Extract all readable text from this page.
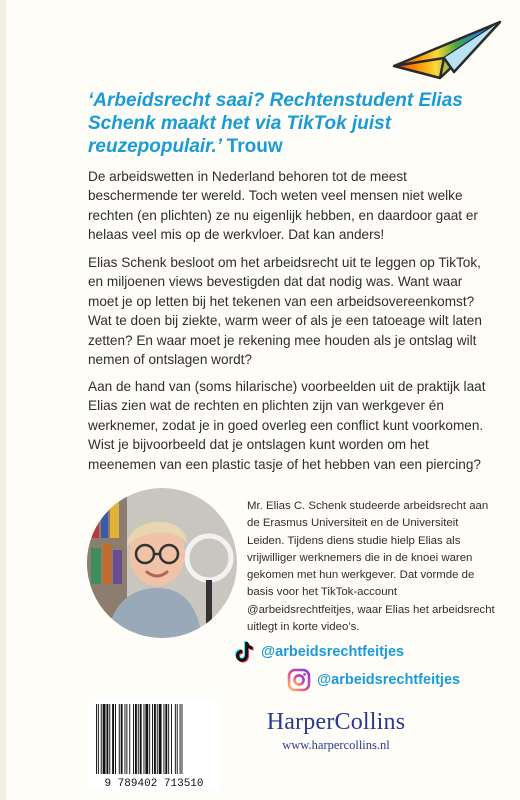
‘Arbeidsrecht saai? Rechtenstudent Elias Schenk maakt het via TikTok juist reuzepopulair.’ Trouw

De arbeidswetten in Nederland behoren tot de meest beschermende ter wereld. Toch weten veel mensen niet welke rechten (en plichten) ze nu eigenlijk hebben, en daardoor gaat er helaas veel mis op de werkvloer. Dat kan anders!

Elias Schenk besloot om het arbeidsrecht uit te leggen op TikTok, en miljoenen views bevestigden dat dat nodig was. Want waar moet je op letten bij het tekenen van een arbeidsovereenkomst? Wat te doen bij ziekte, warm weer of als je een tatoeage wilt laten zetten? En waar moet je rekening mee houden als je ontslag wilt nemen of ontslagen wordt?

Aan de hand van (soms hilarische) voorbeelden uit de praktijk laat Elias zien wat de rechten en plichten zijn van werkgever én werknemer, zodat je in goed overleg een conflict kunt voorkomen. Wist je bijvoorbeeld dat je ontslagen kunt worden om het meenemen van een plastic tasje of het hebben van een piercing?

Mr. Elias C. Schenk studeerde arbeidsrecht aan de Erasmus Universiteit en de Universiteit Leiden. Tijdens diens studie hielp Elias als vrijwilliger werknemers die in de knoei waren gekomen met hun werkgever. Dat vormde de basis voor het TikTok-account @arbeidsrechtfeitjes, waar Elias het arbeidsrecht uitlegt in korte video’s.

@arbeidsrechtfeitjes
@arbeidsrechtfeitjes
9 789402 713510
HarperCollins
www.harpercollins.nl
